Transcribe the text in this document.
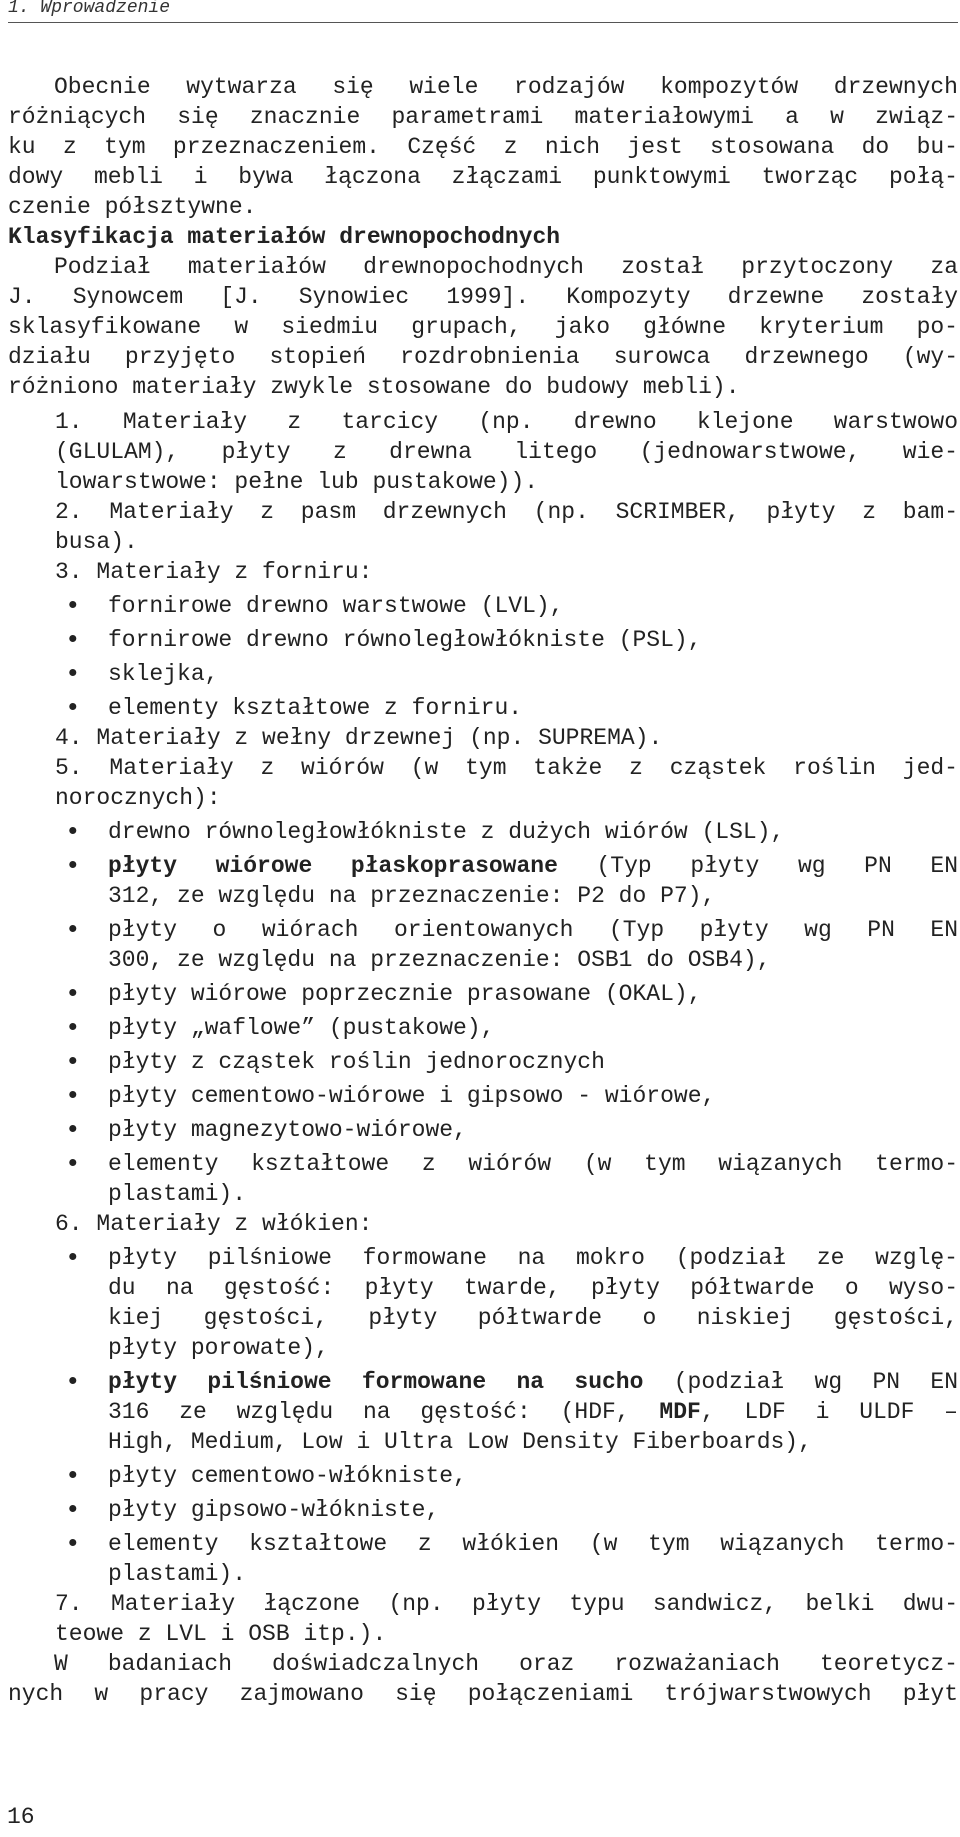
1. Wprowadzenie

Obecnie wytwarza się wiele rodzajów kompozytów drzewnych
różniących się znacznie parametrami materiałowymi a w związ-
ku z tym przeznaczeniem. Część z nich jest stosowana do bu-
dowy mebli i bywa łączona złączami punktowymi tworząc połą-
czenie półsztywne.

Klasyfikacja materiałów drewnopochodnych

Podział materiałów drewnopochodnych został przytoczony za
J. Synowcem [J. Synowiec 1999]. Kompozyty drzewne zostały
sklasyfikowane w siedmiu grupach, jako główne kryterium po-
działu przyjęto stopień rozdrobnienia surowca drzewnego (wy-
różniono materiały zwykle stosowane do budowy mebli).

1. Materiały z tarcicy (np. drewno klejone warstwowo
(GLULAM), płyty z drewna litego (jednowarstwowe, wie-
lowarstwowe: pełne lub pustakowe)).
2. Materiały z pasm drzewnych (np. SCRIMBER, płyty z bam-
busa).
3. Materiały z forniru:
• fornirowe drewno warstwowe (LVL),
• fornirowe drewno równoległowłókniste (PSL),
• sklejka,
• elementy kształtowe z forniru.
4. Materiały z wełny drzewnej (np. SUPREMA).
5. Materiały z wiórów (w tym także z cząstek roślin jed-
norocznych):
• drewno równoległowłókniste z dużych wiórów (LSL),
• płyty wiórowe płaskoprasowane (Typ płyty wg PN EN
312, ze względu na przeznaczenie: P2 do P7),
• płyty o wiórach orientowanych (Typ płyty wg PN EN
300, ze względu na przeznaczenie: OSB1 do OSB4),
• płyty wiórowe poprzecznie prasowane (OKAL),
• płyty „waflowe” (pustakowe),
• płyty z cząstek roślin jednorocznych
• płyty cementowo-wiórowe i gipsowo - wiórowe,
• płyty magnezytowo-wiórowe,
• elementy kształtowe z wiórów (w tym wiązanych termo-
plastami).
6. Materiały z włókien:
• płyty pilśniowe formowane na mokro (podział ze wzglę-
du na gęstość: płyty twarde, płyty półtwarde o wyso-
kiej gęstości, płyty półtwarde o niskiej gęstości,
płyty porowate),
• płyty pilśniowe formowane na sucho (podział wg PN EN
316 ze względu na gęstość: (HDF, MDF, LDF i ULDF –
High, Medium, Low i Ultra Low Density Fiberboards),
• płyty cementowo-włókniste,
• płyty gipsowo-włókniste,
• elementy kształtowe z włókien (w tym wiązanych termo-
plastami).
7. Materiały łączone (np. płyty typu sandwicz, belki dwu-
teowe z LVL i OSB itp.).

W badaniach doświadczalnych oraz rozważaniach teoretycz-
nych w pracy zajmowano się połączeniami trójwarstwowych płyt

16
